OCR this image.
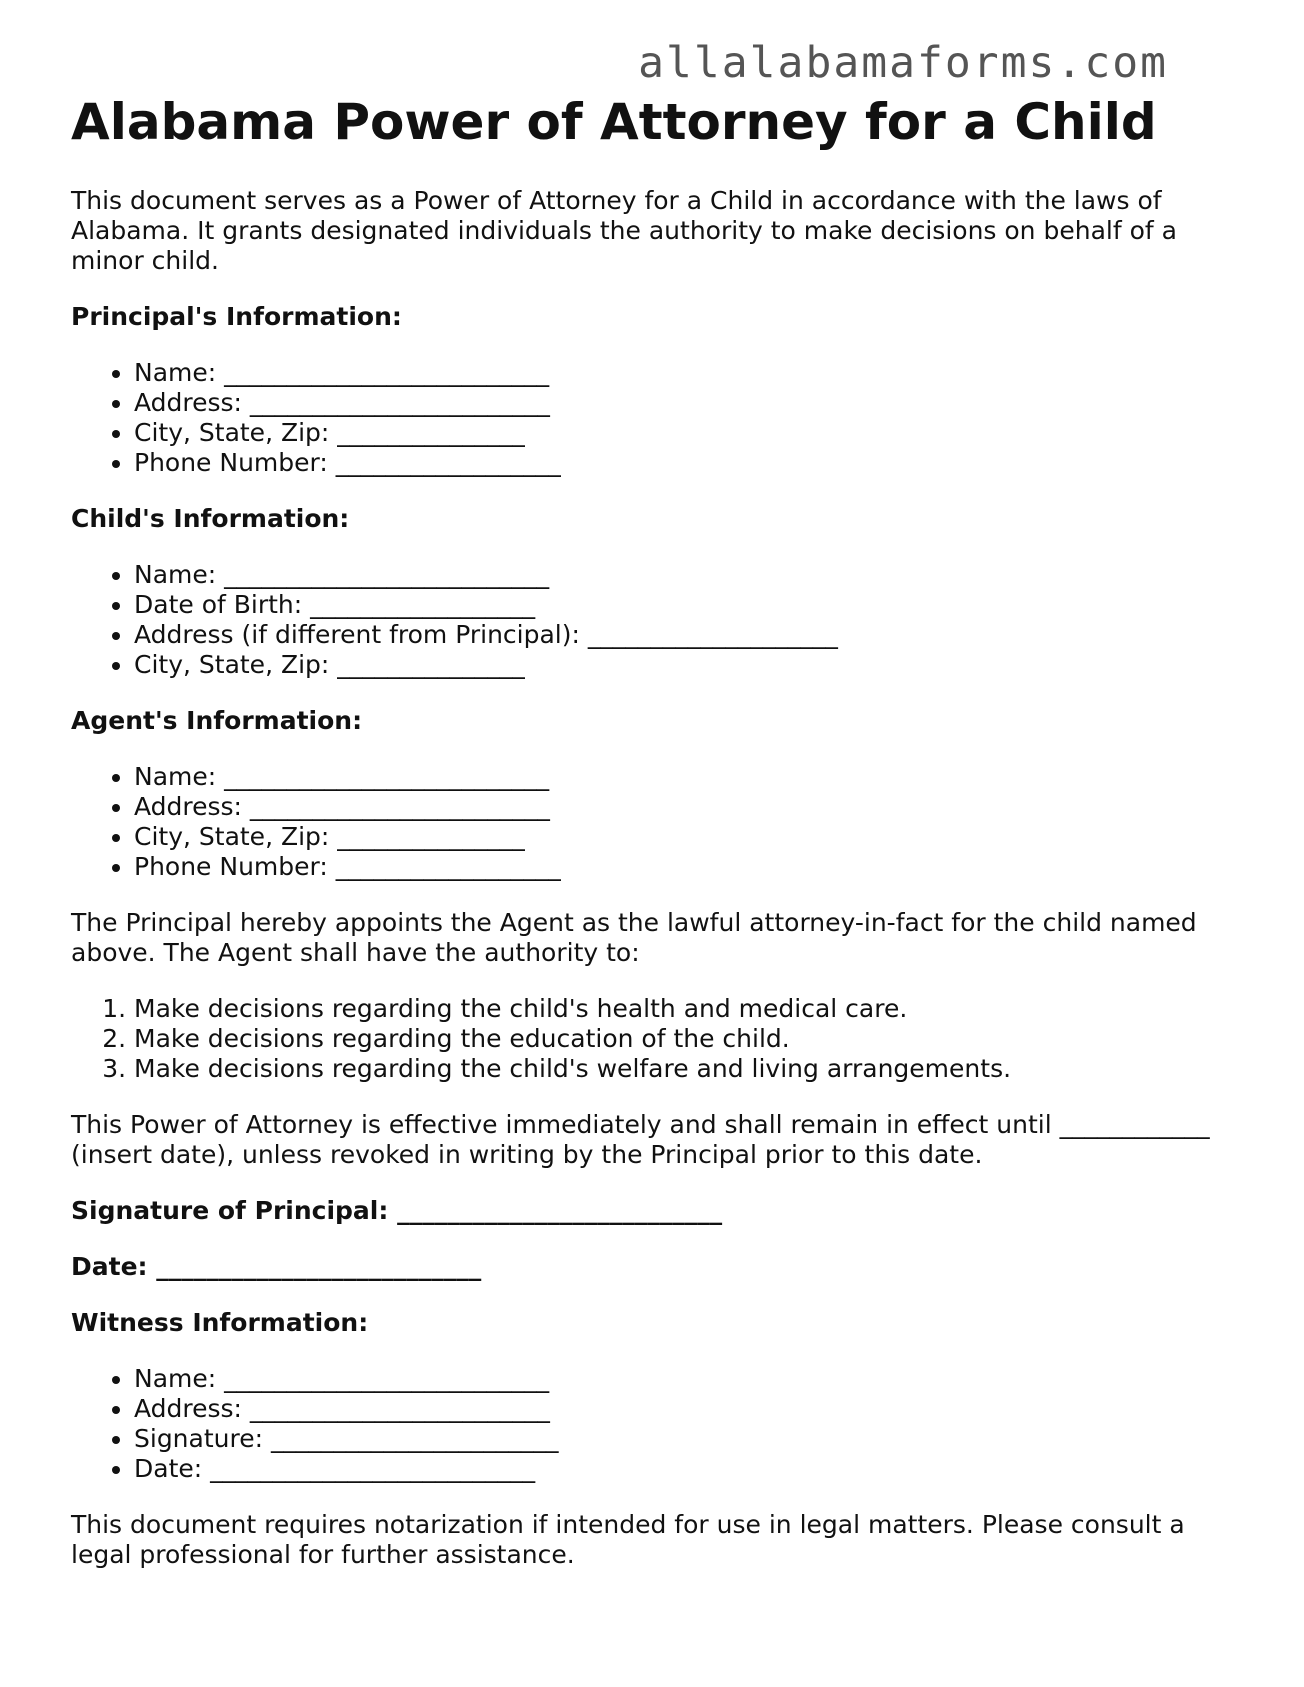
allalabamaforms.com
Alabama Power of Attorney for a Child

This document serves as a Power of Attorney for a Child in accordance with the laws of Alabama. It grants designated individuals the authority to make decisions on behalf of a minor child.

Principal's Information:
• Name: __________________________
• Address: ________________________
• City, State, Zip: _______________
• Phone Number: __________________
Child's Information:
• Name: __________________________
• Date of Birth: __________________
• Address (if different from Principal): ____________________
• City, State, Zip: _______________
Agent's Information:
• Name: __________________________
• Address: ________________________
• City, State, Zip: _______________
• Phone Number: __________________

The Principal hereby appoints the Agent as the lawful attorney-in-fact for the child named above. The Agent shall have the authority to:

1. Make decisions regarding the child's health and medical care.
2. Make decisions regarding the education of the child.
3. Make decisions regarding the child's welfare and living arrangements.

This Power of Attorney is effective immediately and shall remain in effect until ____________ (insert date), unless revoked in writing by the Principal prior to this date.

Signature of Principal: __________________________
Date: __________________________
Witness Information:
• Name: __________________________
• Address: ________________________
• Signature: _______________________
• Date: __________________________

This document requires notarization if intended for use in legal matters. Please consult a legal professional for further assistance.
